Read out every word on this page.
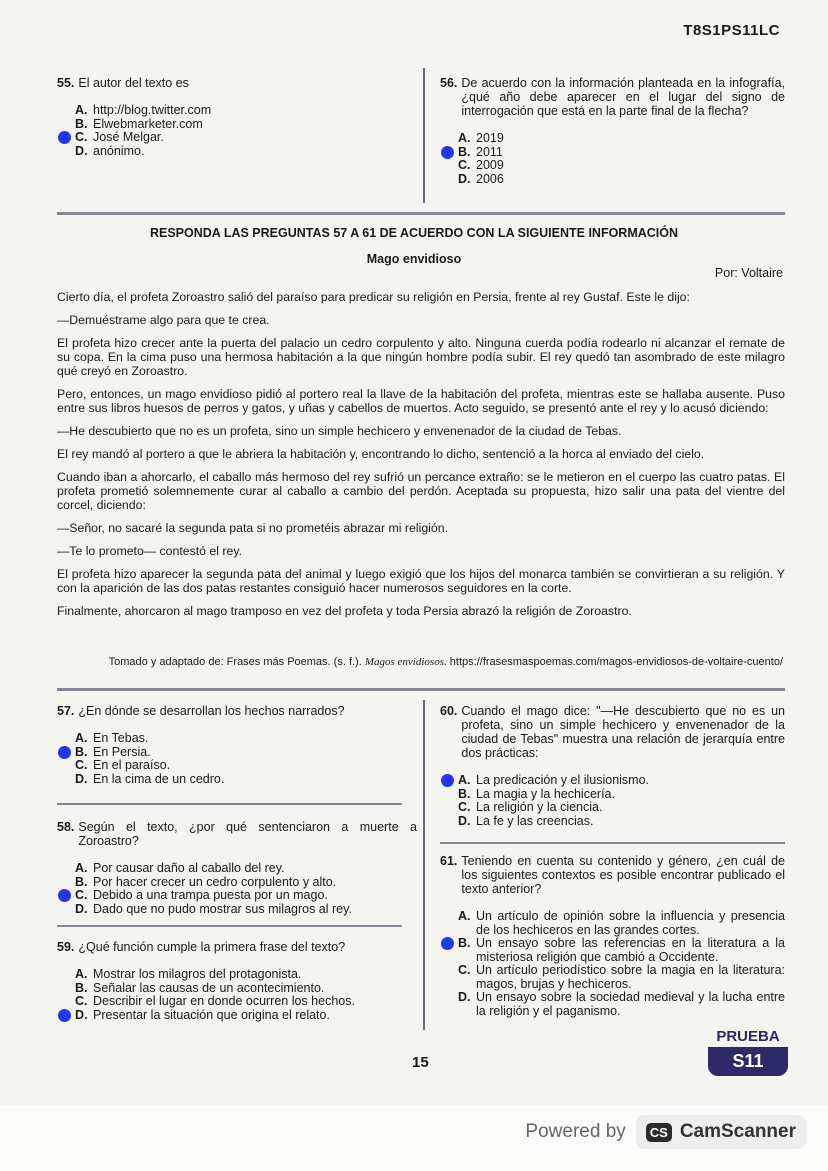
T8S1PS11LC
55. El autor del texto es
A. http://blog.twitter.com
B. Elwebmarketer.com
C. José Melgar.
D. anónimo.
56. De acuerdo con la información planteada en la infografía, ¿qué año debe aparecer en el lugar del signo de interrogación que está en la parte final de la flecha?
A. 2019
B. 2011
C. 2009
D. 2006
RESPONDA LAS PREGUNTAS 57 A 61 DE ACUERDO CON LA SIGUIENTE INFORMACIÓN
Mago envidioso
Por: Voltaire

Cierto día, el profeta Zoroastro salió del paraíso para predicar su religión en Persia, frente al rey Gustaf. Este le dijo:

—Demuéstrame algo para que te crea.

El profeta hizo crecer ante la puerta del palacio un cedro corpulento y alto. Ninguna cuerda podía rodearlo ni alcanzar el remate de su copa. En la cima puso una hermosa habitación a la que ningún hombre podía subir. El rey quedó tan asombrado de este milagro qué creyó en Zoroastro.

Pero, entonces, un mago envidioso pidió al portero real la llave de la habitación del profeta, mientras este se hallaba ausente. Puso entre sus libros huesos de perros y gatos, y uñas y cabellos de muertos. Acto seguido, se presentó ante el rey y lo acusó diciendo:

—He descubierto que no es un profeta, sino un simple hechicero y envenenador de la ciudad de Tebas.

El rey mandó al portero a que le abriera la habitación y, encontrando lo dicho, sentenció a la horca al enviado del cielo.

Cuando iban a ahorcarlo, el caballo más hermoso del rey sufrió un percance extraño: se le metieron en el cuerpo las cuatro patas. El profeta prometió solemnemente curar al caballo a cambio del perdón. Aceptada su propuesta, hizo salir una pata del vientre del corcel, diciendo:

—Señor, no sacaré la segunda pata si no prometéis abrazar mi religión.

—Te lo prometo— contestó el rey.

El profeta hizo aparecer la segunda pata del animal y luego exigió que los hijos del monarca también se convirtieran a su religión. Y con la aparición de las dos patas restantes consiguió hacer numerosos seguidores en la corte.

Finalmente, ahorcaron al mago tramposo en vez del profeta y toda Persia abrazó la religión de Zoroastro.

Tomado y adaptado de: Frases más Poemas. (s. f.). Magos envidiosos. https://frasesmaspoemas.com/magos-envidiosos-de-voltaire-cuento/
57. ¿En dónde se desarrollan los hechos narrados?
A. En Tebas.
B. En Persia.
C. En el paraíso.
D. En la cima de un cedro.
58. Según el texto, ¿por qué sentenciaron a muerte a Zoroastro?
A. Por causar daño al caballo del rey.
B. Por hacer crecer un cedro corpulento y alto.
C. Debido a una trampa puesta por un mago.
D. Dado que no pudo mostrar sus milagros al rey.
59. ¿Qué función cumple la primera frase del texto?
A. Mostrar los milagros del protagonista.
B. Señalar las causas de un acontecimiento.
C. Describir el lugar en donde ocurren los hechos.
D. Presentar la situación que origina el relato.
60. Cuando el mago dice: "—He descubierto que no es un profeta, sino un simple hechicero y envenenador de la ciudad de Tebas" muestra una relación de jerarquía entre dos prácticas:
A. La predicación y el ilusionismo.
B. La magia y la hechicería.
C. La religión y la ciencia.
D. La fe y las creencias.
61. Teniendo en cuenta su contenido y género, ¿en cuál de los siguientes contextos es posible encontrar publicado el texto anterior?
A. Un artículo de opinión sobre la influencia y presencia de los hechiceros en las grandes cortes.
B. Un ensayo sobre las referencias en la literatura a la misteriosa religión que cambió a Occidente.
C. Un artículo periodístico sobre la magia en la literatura: magos, brujas y hechiceros.
D. Un ensayo sobre la sociedad medieval y la lucha entre la religión y el paganismo.
15
PRUEBA
S11
Powered by	CS CamScanner
